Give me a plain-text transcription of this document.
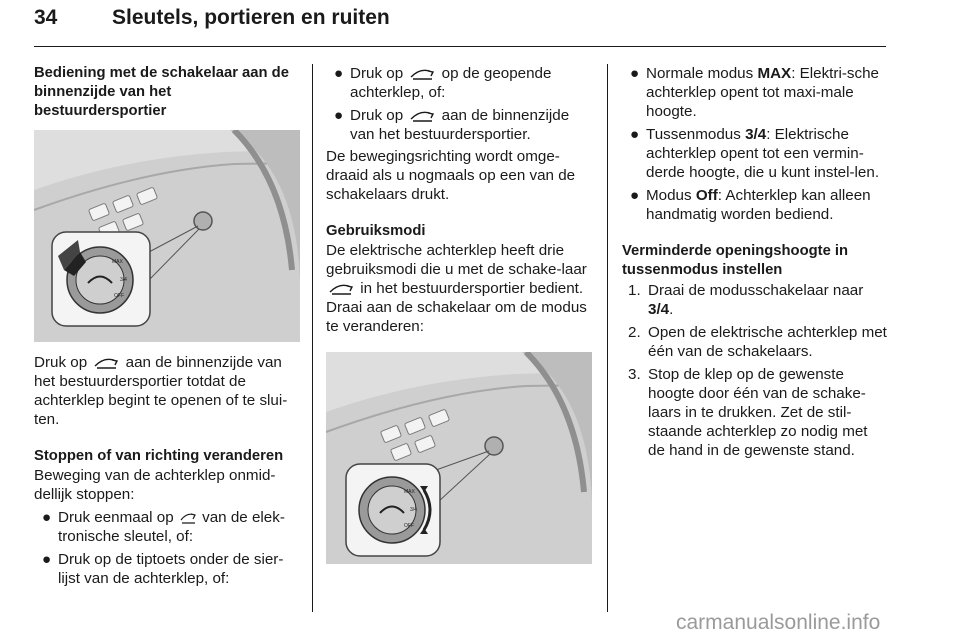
34	Sleutels, portieren en ruiten

Bediening met de schakelaar aan de binnenzijde van het bestuurdersportier

MAX
3/4
OFF

Druk op	aan de binnenzijde van het bestuurdersportier totdat de achterklep begint te openen of te slui-ten.

Stoppen of van richting veranderen

Beweging van de achterklep onmid-dellijk stoppen:

● Druk eenmaal op van de elek-tronische sleutel, of:
● Druk op de tiptoets onder de sier-lijst van de achterklep, of:
● Druk op	op de geopende achterklep, of:
● Druk op	aan de binnenzijde van het bestuurdersportier.

De bewegingsrichting wordt omge-draaid als u nogmaals op een van de schakelaars drukt.

Gebruiksmodi

De elektrische achterklep heeft drie gebruiksmodi die u met de schake-laar  in het bestuurdersportier bedient. Draai aan de schakelaar om de modus te veranderen:

MAX
3/4
OFF
● Normale modus MAX: Elektri-sche achterklep opent tot maxi-male hoogte.
● Tussenmodus 3/4: Elektrische achterklep opent tot een vermin-derde hoogte, die u kunt instel-len.
● Modus Off: Achterklep kan alleen handmatig worden bediend.

Verminderde openingshoogte in tussenmodus instellen

1. Draai de modusschakelaar naar 3/4.
2. Open de elektrische achterklep met één van de schakelaars.
3. Stop de klep op de gewenste hoogte door één van de schake-laars in te drukken. Zet de stil-staande achterklep zo nodig met de hand in de gewenste stand.
carmanualsonline.info
